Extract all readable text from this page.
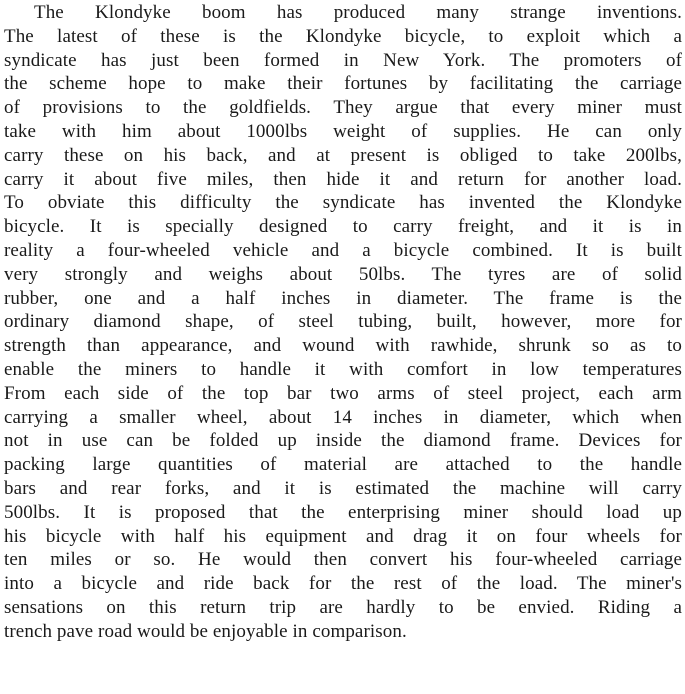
The Klondyke boom has produced many strange inventions.
The latest of these is the Klondyke bicycle, to exploit which a
syndicate has just been formed in New York. The promoters of
the scheme hope to make their fortunes by facilitating the carriage
of provisions to the goldfields. They argue that every miner must
take with him about 1000lbs weight of supplies. He can only
carry these on his back, and at present is obliged to take 200lbs,
carry it about five miles, then hide it and return for another load.
To obviate this difficulty the syndicate has invented the Klondyke
bicycle. It is specially designed to carry freight, and it is in
reality a four-wheeled vehicle and a bicycle combined. It is built
very strongly and weighs about 50lbs. The tyres are of solid
rubber, one and a half inches in diameter. The frame is the
ordinary diamond shape, of steel tubing, built, however, more for
strength than appearance, and wound with rawhide, shrunk so as to
enable the miners to handle it with comfort in low temperatures
From each side of the top bar two arms of steel project, each arm
carrying a smaller wheel, about 14 inches in diameter, which when
not in use can be folded up inside the diamond frame. Devices for
packing large quantities of material are attached to the handle
bars and rear forks, and it is estimated the machine will carry
500lbs. It is proposed that the enterprising miner should load up
his bicycle with half his equipment and drag it on four wheels for
ten miles or so. He would then convert his four-wheeled carriage
into a bicycle and ride back for the rest of the load. The miner's
sensations on this return trip are hardly to be envied. Riding a
trench pave road would be enjoyable in comparison.
